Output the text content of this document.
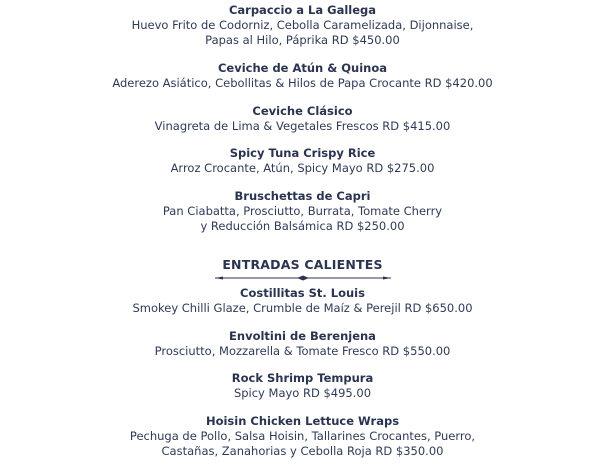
Carpaccio a La Gallega
Huevo Frito de Codorniz, Cebolla Caramelizada, Dijonnaise,
Papas al Hilo, Páprika RD $450.00
Ceviche de Atún & Quinoa
Aderezo Asiático, Cebollitas & Hilos de Papa Crocante RD $420.00
Ceviche Clásico
Vinagreta de Lima & Vegetales Frescos RD $415.00
Spicy Tuna Crispy Rice
Arroz Crocante, Atún, Spicy Mayo RD $275.00
Bruschettas de Capri
Pan Ciabatta, Prosciutto, Burrata, Tomate Cherry
y Reducción Balsámica RD $250.00
ENTRADAS CALIENTES
Costillitas St. Louis
Smokey Chilli Glaze, Crumble de Maíz & Perejil RD $650.00
Envoltini de Berenjena
Prosciutto, Mozzarella & Tomate Fresco RD $550.00
Rock Shrimp Tempura
Spicy Mayo RD $495.00
Hoisin Chicken Lettuce Wraps
Pechuga de Pollo, Salsa Hoisin, Tallarines Crocantes, Puerro,
Castañas, Zanahorias y Cebolla Roja RD $350.00
